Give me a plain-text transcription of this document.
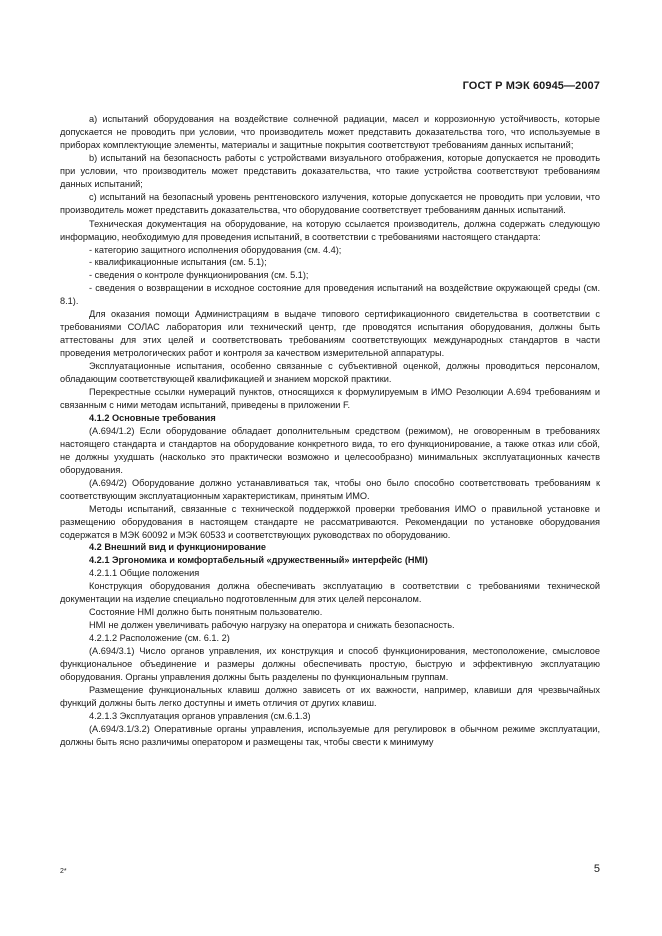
ГОСТ Р МЭК 60945—2007

а) испытаний оборудования на воздействие солнечной радиации, масел и коррозионную устойчивость, которые допускается не проводить при условии, что производитель может представить доказательства того, что используемые в приборах комплектующие элементы, материалы и защитные покрытия соответствуют требованиям данных испытаний;

b) испытаний на безопасность работы с устройствами визуального отображения, которые допускается не проводить при условии, что производитель может представить доказательства, что такие устройства соответствуют требованиям данных испытаний;

с) испытаний на безопасный уровень рентгеновского излучения, которые допускается не проводить при условии, что производитель может представить доказательства, что оборудование соответствует требованиям данных испытаний.

Техническая документация на оборудование, на которую ссылается производитель, должна содержать следующую информацию, необходимую для проведения испытаний, в соответствии с требованиями настоящего стандарта:

- категорию защитного исполнения оборудования (см. 4.4);

- квалификационные испытания (см. 5.1);

- сведения о контроле функционирования (см. 5.1);

- сведения о возвращении в исходное состояние для проведения испытаний на воздействие окружающей среды (см. 8.1).

Для оказания помощи Администрациям в выдаче типового сертификационного свидетельства в соответствии с требованиями СОЛАС лаборатория или технический центр, где проводятся испытания оборудования, должны быть аттестованы для этих целей и соответствовать требованиям соответствующих международных стандартов в части проведения метрологических работ и контроля за качеством измерительной аппаратуры.

Эксплуатационные испытания, особенно связанные с субъективной оценкой, должны проводиться персоналом, обладающим соответствующей квалификацией и знанием морской практики.

Перекрестные ссылки нумераций пунктов, относящихся к формулируемым в ИМО Резолюции А.694 требованиям и связанным с ними методам испытаний, приведены в приложении F.

4.1.2 Основные требования

(А.694/1.2) Если оборудование обладает дополнительным средством (режимом), не оговоренным в требованиях настоящего стандарта и стандартов на оборудование конкретного вида, то его функционирование, а также отказ или сбой, не должны ухудшать (насколько это практически возможно и целесообразно) минимальных эксплуатационных качеств оборудования.

(А.694/2) Оборудование должно устанавливаться так, чтобы оно было способно соответствовать требованиям к соответствующим эксплуатационным характеристикам, принятым ИМО.

Методы испытаний, связанные с технической поддержкой проверки требования ИМО о правильной установке и размещению оборудования в настоящем стандарте не рассматриваются. Рекомендации по установке оборудования содержатся в МЭК 60092 и МЭК 60533 и соответствующих руководствах по оборудованию.

4.2 Внешний вид и функционирование

4.2.1 Эргономика и комфортабельный «дружественный» интерфейс (HMI)

4.2.1.1 Общие положения

Конструкция оборудования должна обеспечивать эксплуатацию в соответствии с требованиями технической документации на изделие специально подготовленным для этих целей персоналом.

Состояние HMI должно быть понятным пользователю.

HMI не должен увеличивать рабочую нагрузку на оператора и снижать безопасность.

4.2.1.2 Расположение (см. 6.1. 2)

(А.694/3.1) Число органов управления, их конструкция и способ функционирования, местоположение, смысловое функциональное объединение и размеры должны обеспечивать простую, быструю и эффективную эксплуатацию оборудования. Органы управления должны быть разделены по функциональным группам.

Размещение функциональных клавиш должно зависеть от их важности, например, клавиши для чрезвычайных функций должны быть легко доступны и иметь отличия от других клавиш.

4.2.1.3 Эксплуатация органов управления (см.6.1.3)

(А.694/3.1/3.2) Оперативные органы управления, используемые для регулировок в обычном режиме эксплуатации, должны быть ясно различимы оператором и размещены так, чтобы свести к минимуму

2*	5
